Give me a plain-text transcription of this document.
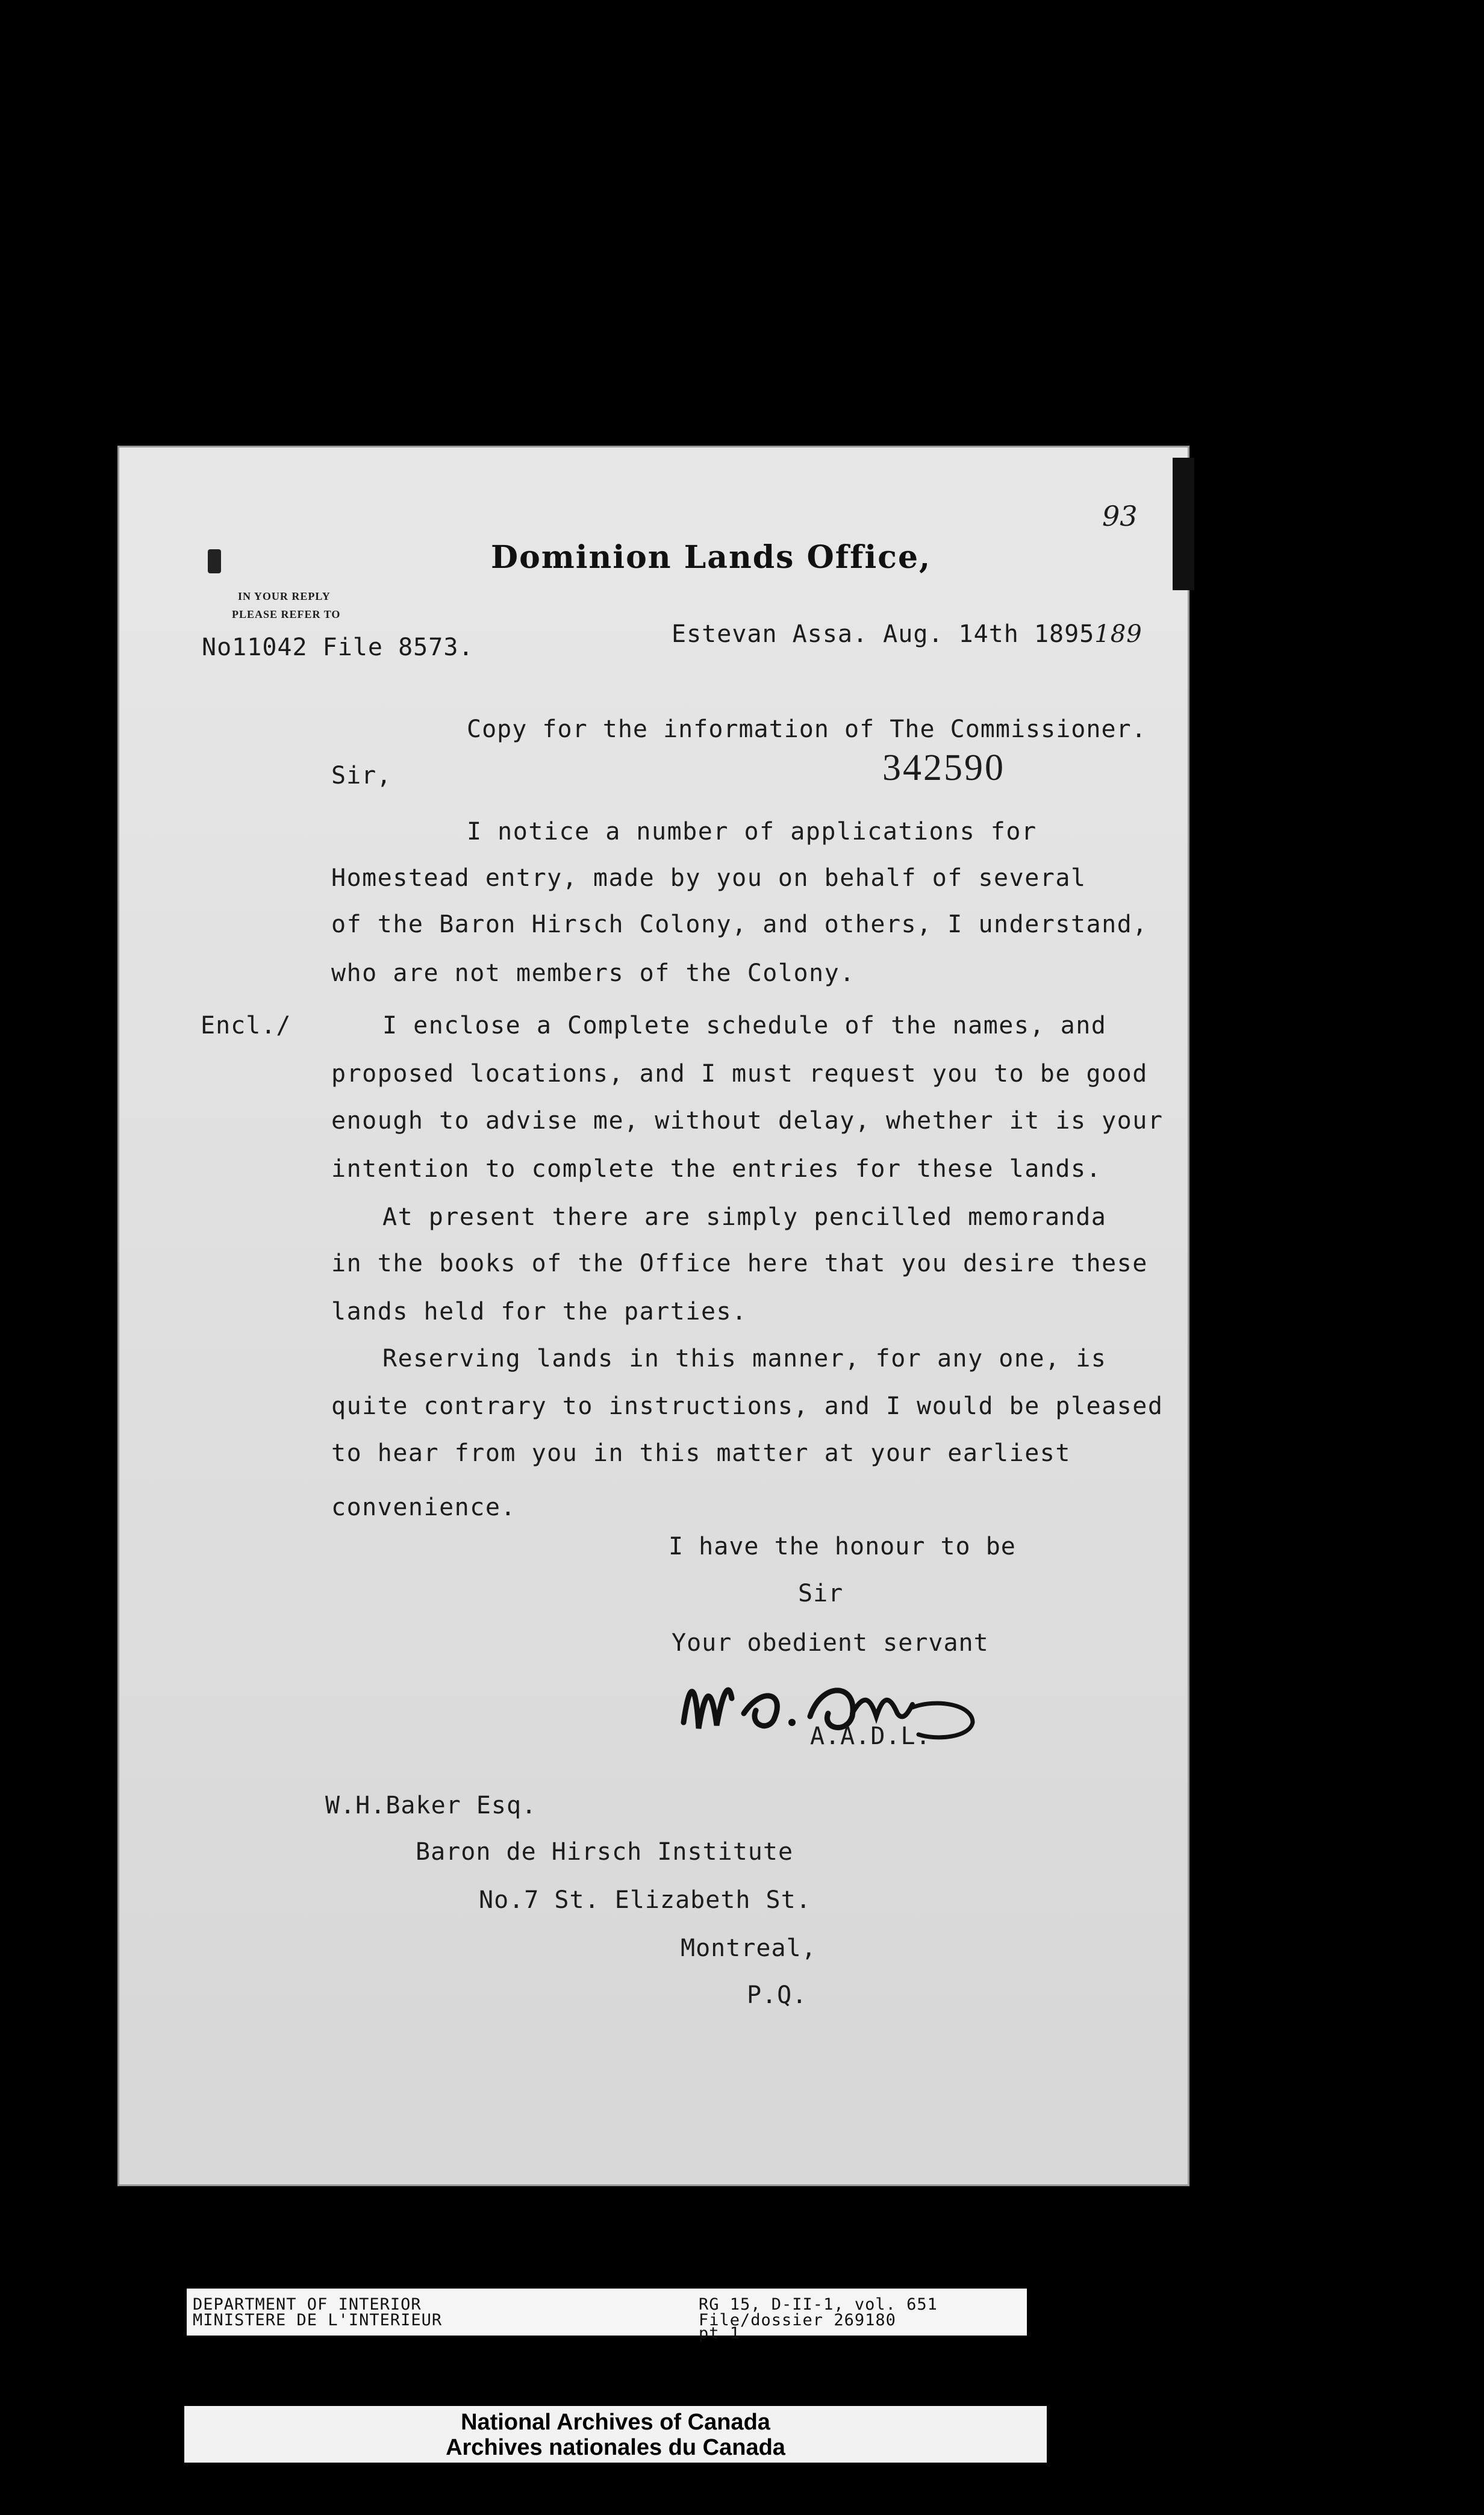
93
Dominion Lands Office,
IN YOUR REPLY
PLEASE REFER TO
No11042 File 8573.	Estevan Assa. Aug. 14th 1895189
Copy for the information of The Commissioner.
Sir,	342590
I notice a number of applications for
Homestead entry, made by you on behalf of several
of the Baron Hirsch Colony, and others, I understand,
who are not members of the Colony.
Encl./	I enclose a Complete schedule of the names, and
proposed locations, and I must request you to be good
enough to advise me, without delay, whether it is your
intention to complete the entries for these lands.
At present there are simply pencilled memoranda
in the books of the Office here that you desire these
lands held for the parties.
Reserving lands in this manner, for any one, is
quite contrary to instructions, and I would be pleased
to hear from you in this matter at your earliest
convenience.
I have the honour to be
Sir
Your obedient servant
A.A.D.L.
W.H.Baker Esq.
Baron de Hirsch Institute
No.7 St. Elizabeth St.
Montreal,
P.Q.
DEPARTMENT OF INTERIOR
MINISTERE DE L'INTERIEUR
RG 15, D-II-1, vol. 651
File/dossier 269180
pt 1
National Archives of Canada
Archives nationales du Canada
